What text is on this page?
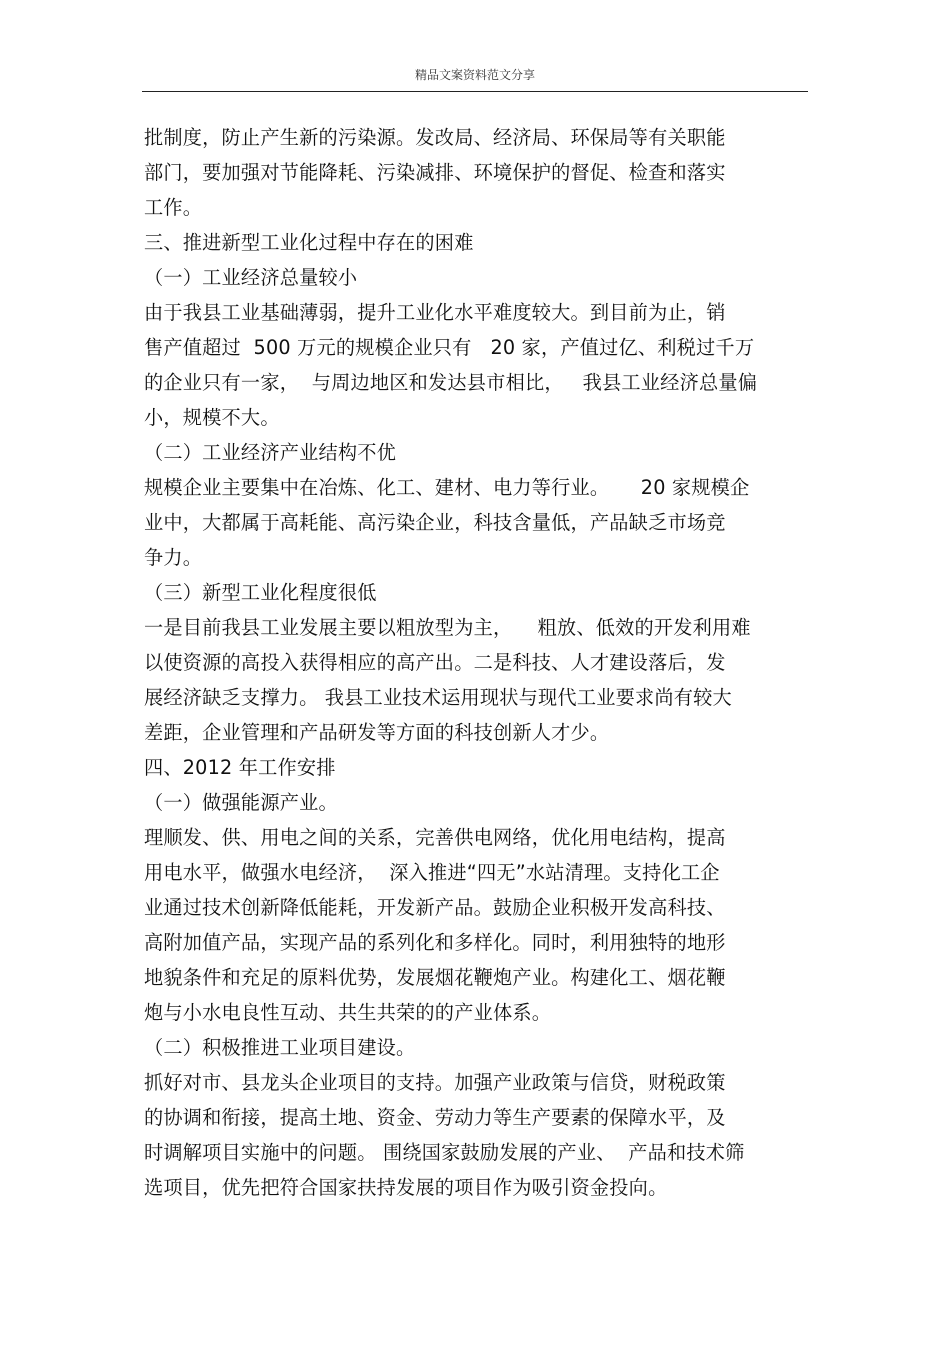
精品文案资料范文分享
批制度，防止产生新的污染源。发改局、经济局、环保局等有关职能
部门，要加强对节能降耗、污染减排、环境保护的督促、检查和落实
工作。
三、推进新型工业化过程中存在的困难
（一）工业经济总量较小
由于我县工业基础薄弱，提升工业化水平难度较大。到目前为止，销
售产值超过  500 万元的规模企业只有   20 家，产值过亿、利税过千万
的企业只有一家，  与周边地区和发达县市相比，   我县工业经济总量偏
小，规模不大。
（二）工业经济产业结构不优
规模企业主要集中在冶炼、化工、建材、电力等行业。     20 家规模企
业中，大都属于高耗能、高污染企业，科技含量低，产品缺乏市场竞
争力。
（三）新型工业化程度很低
一是目前我县工业发展主要以粗放型为主，    粗放、低效的开发利用难
以使资源的高投入获得相应的高产出。二是科技、人才建设落后，发
展经济缺乏支撑力。 我县工业技术运用现状与现代工业要求尚有较大
差距，企业管理和产品研发等方面的科技创新人才少。
四、2012 年工作安排
（一）做强能源产业。
理顺发、供、用电之间的关系，完善供电网络，优化用电结构，提高
用电水平，做强水电经济，  深入推进“四无”水站清理。支持化工企
业通过技术创新降低能耗，开发新产品。鼓励企业积极开发高科技、
高附加值产品，实现产品的系列化和多样化。同时，利用独特的地形
地貌条件和充足的原料优势，发展烟花鞭炮产业。构建化工、烟花鞭
炮与小水电良性互动、共生共荣的的产业体系。
（二）积极推进工业项目建设。
抓好对市、县龙头企业项目的支持。加强产业政策与信贷，财税政策
的协调和衔接，提高土地、资金、劳动力等生产要素的保障水平，及
时调解项目实施中的问题。 围绕国家鼓励发展的产业、  产品和技术筛
选项目，优先把符合国家扶持发展的项目作为吸引资金投向。
